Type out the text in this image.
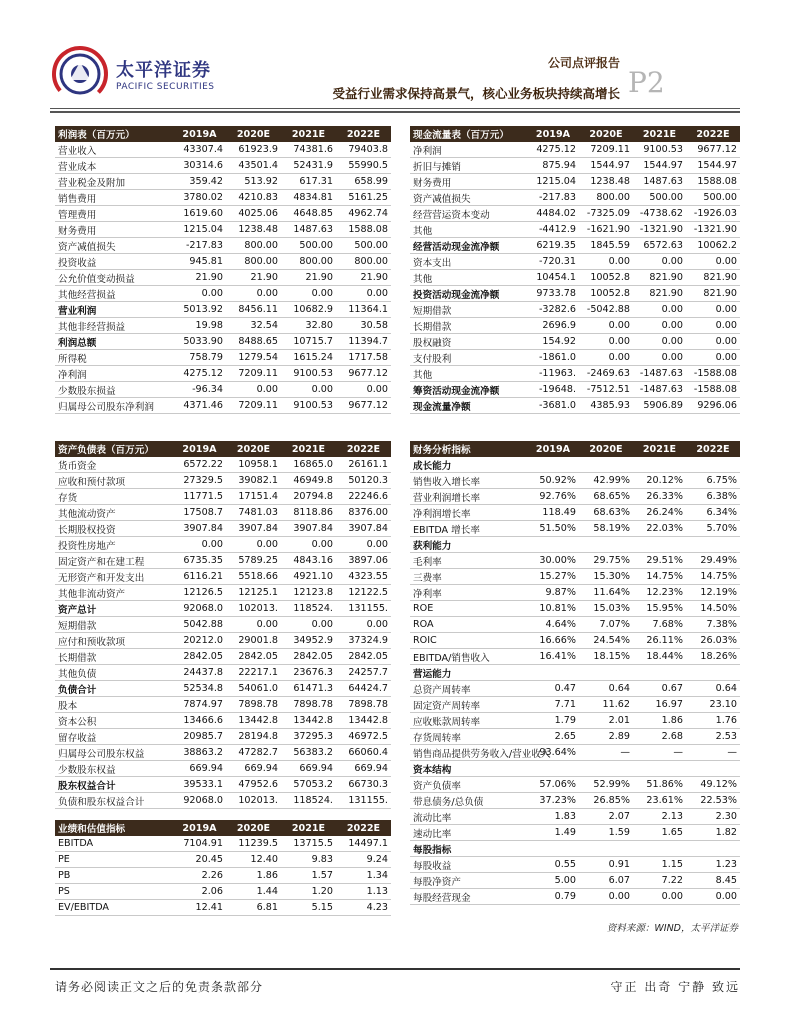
太平洋证券
PACIFIC SECURITIES
公司点评报告
P2
受益行业需求保持高景气，核心业务板块持续高增长
利润表（百万元）	2019A	2020E	2021E	2022E
营业收入	43307.4	61923.9	74381.6	79403.8
营业成本	30314.6	43501.4	52431.9	55990.5
营业税金及附加	359.42	513.92	617.31	658.99
销售费用	3780.02	4210.83	4834.81	5161.25
管理费用	1619.60	4025.06	4648.85	4962.74
财务费用	1215.04	1238.48	1487.63	1588.08
资产减值损失	-217.83	800.00	500.00	500.00
投资收益	945.81	800.00	800.00	800.00
公允价值变动损益	21.90	21.90	21.90	21.90
其他经营损益	0.00	0.00	0.00	0.00
营业利润	5013.92	8456.11	10682.9	11364.1
其他非经营损益	19.98	32.54	32.80	30.58
利润总额	5033.90	8488.65	10715.7	11394.7
所得税	758.79	1279.54	1615.24	1717.58
净利润	4275.12	7209.11	9100.53	9677.12
少数股东损益	-96.34	0.00	0.00	0.00
归属母公司股东净利润	4371.46	7209.11	9100.53	9677.12
现金流量表（百万元）	2019A	2020E	2021E	2022E
净利润	4275.12	7209.11	9100.53	9677.12
折旧与摊销	875.94	1544.97	1544.97	1544.97
财务费用	1215.04	1238.48	1487.63	1588.08
资产减值损失	-217.83	800.00	500.00	500.00
经营营运资本变动	4484.02	-7325.09	-4738.62	-1926.03
其他	-4412.9	-1621.90	-1321.90	-1321.90
经营活动现金流净额	6219.35	1845.59	6572.63	10062.2
资本支出	-720.31	0.00	0.00	0.00
其他	10454.1	10052.8	821.90	821.90
投资活动现金流净额	9733.78	10052.8	821.90	821.90
短期借款	-3282.6	-5042.88	0.00	0.00
长期借款	2696.9	0.00	0.00	0.00
股权融资	154.92	0.00	0.00	0.00
支付股利	-1861.0	0.00	0.00	0.00
其他	-11963.	-2469.63	-1487.63	-1588.08
筹资活动现金流净额	-19648.	-7512.51	-1487.63	-1588.08
现金流量净额	-3681.0	4385.93	5906.89	9296.06
资产负债表（百万元）	2019A	2020E	2021E	2022E
货币资金	6572.22	10958.1	16865.0	26161.1
应收和预付款项	27329.5	39082.1	46949.8	50120.3
存货	11771.5	17151.4	20794.8	22246.6
其他流动资产	17508.7	7481.03	8118.86	8376.00
长期股权投资	3907.84	3907.84	3907.84	3907.84
投资性房地产	0.00	0.00	0.00	0.00
固定资产和在建工程	6735.35	5789.25	4843.16	3897.06
无形资产和开发支出	6116.21	5518.66	4921.10	4323.55
其他非流动资产	12126.5	12125.1	12123.8	12122.5
资产总计	92068.0	102013.	118524.	131155.
短期借款	5042.88	0.00	0.00	0.00
应付和预收款项	20212.0	29001.8	34952.9	37324.9
长期借款	2842.05	2842.05	2842.05	2842.05
其他负债	24437.8	22217.1	23676.3	24257.7
负债合计	52534.8	54061.0	61471.3	64424.7
股本	7874.97	7898.78	7898.78	7898.78
资本公积	13466.6	13442.8	13442.8	13442.8
留存收益	20985.7	28194.8	37295.3	46972.5
归属母公司股东权益	38863.2	47282.7	56383.2	66060.4
少数股东权益	669.94	669.94	669.94	669.94
股东权益合计	39533.1	47952.6	57053.2	66730.3
负债和股东权益合计	92068.0	102013.	118524.	131155.
财务分析指标	2019A	2020E	2021E	2022E
成长能力				
销售收入增长率	50.92%	42.99%	20.12%	6.75%
营业利润增长率	92.76%	68.65%	26.33%	6.38%
净利润增长率	118.49	68.63%	26.24%	6.34%
EBITDA 增长率	51.50%	58.19%	22.03%	5.70%
获利能力				
毛利率	30.00%	29.75%	29.51%	29.49%
三费率	15.27%	15.30%	14.75%	14.75%
净利率	9.87%	11.64%	12.23%	12.19%
ROE	10.81%	15.03%	15.95%	14.50%
ROA	4.64%	7.07%	7.68%	7.38%
ROIC	16.66%	24.54%	26.11%	26.03%
EBITDA/销售收入	16.41%	18.15%	18.44%	18.26%
营运能力				
总资产周转率	0.47	0.64	0.67	0.64
固定资产周转率	7.71	11.62	16.97	23.10
应收账款周转率	1.79	2.01	1.86	1.76
存货周转率	2.65	2.89	2.68	2.53
销售商品提供劳务收入/营业收入	93.64%	—	—	—
资本结构				
资产负债率	57.06%	52.99%	51.86%	49.12%
带息债务/总负债	37.23%	26.85%	23.61%	22.53%
流动比率	1.83	2.07	2.13	2.30
速动比率	1.49	1.59	1.65	1.82
每股指标				
每股收益	0.55	0.91	1.15	1.23
每股净资产	5.00	6.07	7.22	8.45
每股经营现金	0.79	0.00	0.00	0.00
业绩和估值指标	2019A	2020E	2021E	2022E
EBITDA	7104.91	11239.5	13715.5	14497.1
PE	20.45	12.40	9.83	9.24
PB	2.26	1.86	1.57	1.34
PS	2.06	1.44	1.20	1.13
EV/EBITDA	12.41	6.81	5.15	4.23
资料来源：WIND，太平洋证券
请务必阅读正文之后的免责条款部分	守正 出奇 宁静 致远
